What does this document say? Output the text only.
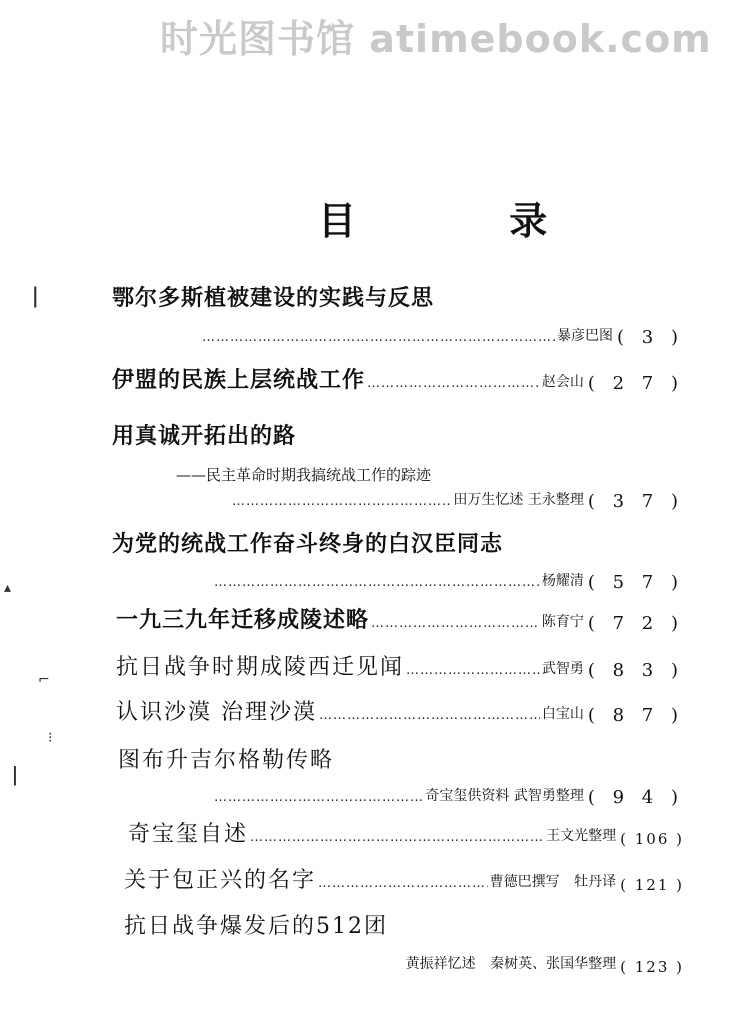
时光图书馆 atimebook.com
目 录
鄂尔多斯植被建设的实践与反思
………………………………………………………………………………………………………………………………………………………………………………
暴彦巴图 ( 3 )
伊盟的民族上层统战工作 ………………………………………………………………………………………………………………………………………………………………………………	赵会山 ( 2 7 )
用真诚开拓出的路
——民主革命时期我搞统战工作的踪迹
………………………………………………………………………………………………………………………………………………………………………………
田万生忆述 王永整理 ( 3 7 )
为党的统战工作奋斗终身的白汉臣同志
………………………………………………………………………………………………………………………………………………………………………………
杨耀清 ( 5 7 )
一九三九年迁移成陵述略 ………………………………………………………………………………………………………………………………………………………………………………	陈育宁 ( 7 2 )
抗日战争时期成陵西迁见闻 ………………………………………………………………………………………………………………………………………………………………………………	武智勇 ( 8 3 )
认识沙漠 治理沙漠 ………………………………………………………………………………………………………………………………………………………………………………	白宝山 ( 8 7 )
图布升吉尔格勒传略
………………………………………………………………………………………………………………………………………………………………………………
奇宝玺供资料 武智勇整理 ( 9 4 )
奇宝玺自述 ………………………………………………………………………………………………………………………………………………………………………………	王文光整理 ( 106 )
关于包正兴的名字 ………………………………………………………………………………………………………………………………………………………………………………	曹德巴撰写 牡丹译 ( 121 )
抗日战争爆发后的512团
黄振祥忆述 秦树英、张国华整理 ( 123 )
ǀ
▴
⌐
ǀ
⁝
